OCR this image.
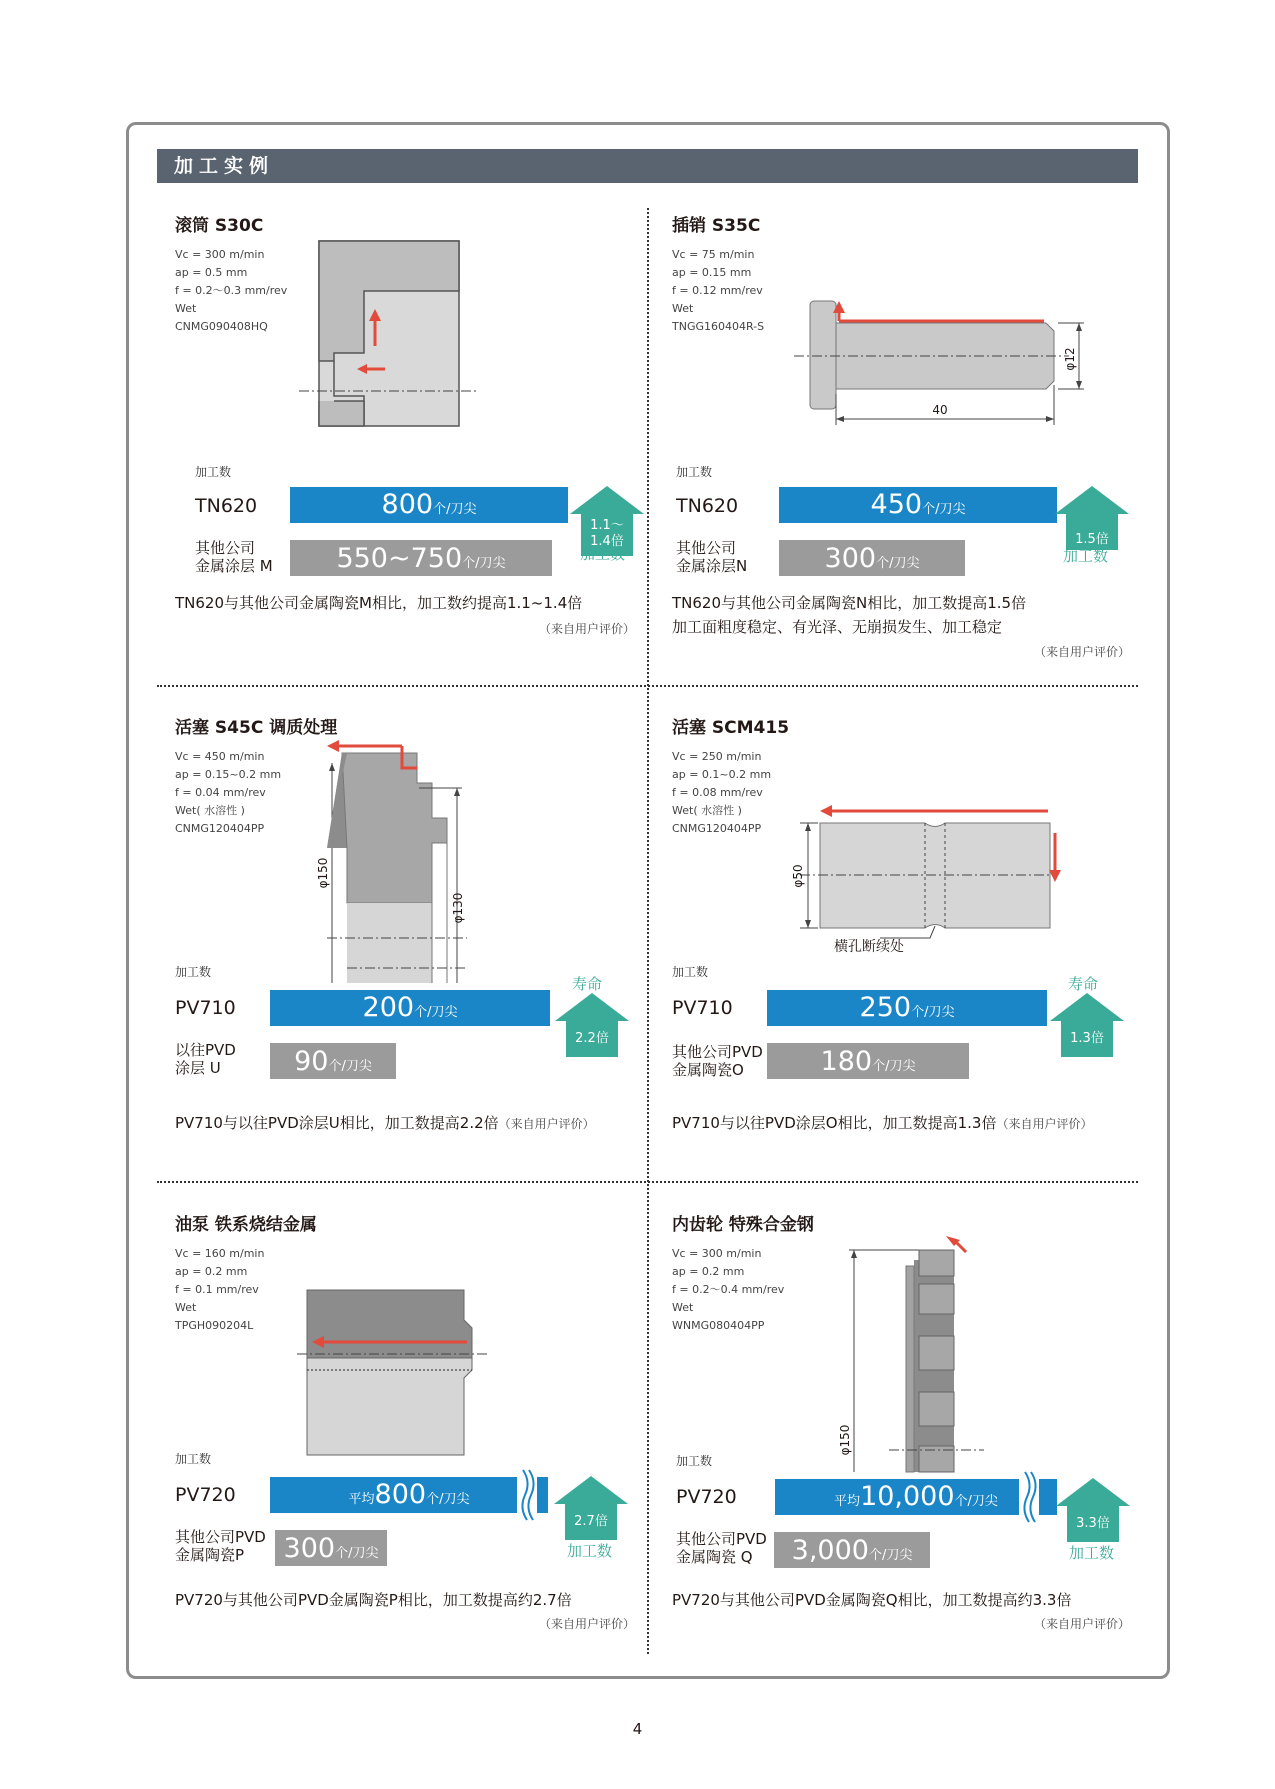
加工实例
滚筒 S30C
Vc = 300 m/min
ap = 0.5 mm
f = 0.2～0.3 mm/rev
Wet
CNMG090408HQ
加工数
TN620	800个/刀尖
其他公司
金属涂层 M	550~750个/刀尖
1.1～
1.4倍
加工数
TN620与其他公司金属陶瓷M相比，加工数约提高1.1~1.4倍
（来自用户评价）
插销 S35C
Vc = 75 m/min
ap = 0.15 mm
f = 0.12 mm/rev
Wet
TNGG160404R-S
40
φ12
加工数
TN620	450个/刀尖
其他公司
金属涂层N	300个/刀尖
1.5倍
加工数
TN620与其他公司金属陶瓷N相比，加工数提高1.5倍
加工面粗度稳定、有光泽、无崩损发生、加工稳定
（来自用户评价）
活塞 S45C 调质处理
Vc = 450 m/min
ap = 0.15~0.2 mm
f = 0.04 mm/rev
Wet( 水溶性 )
CNMG120404PP
φ150
φ130
加工数
PV710	200个/刀尖
以往PVD
涂层 U	90个/刀尖
寿命
2.2倍
PV710与以往PVD涂层U相比，加工数提高2.2倍（来自用户评价）
活塞 SCM415
Vc = 250 m/min
ap = 0.1~0.2 mm
f = 0.08 mm/rev
Wet( 水溶性 )
CNMG120404PP
φ50
横孔断续处
加工数
PV710	250个/刀尖
其他公司PVD
金属陶瓷O	180个/刀尖
寿命
1.3倍
PV710与以往PVD涂层O相比，加工数提高1.3倍（来自用户评价）
油泵 铁系烧结金属
Vc = 160 m/min
ap = 0.2 mm
f = 0.1 mm/rev
Wet
TPGH090204L
加工数
PV720	平均800个/刀尖
其他公司PVD
金属陶瓷P	300个/刀尖
2.7倍
加工数
PV720与其他公司PVD金属陶瓷P相比，加工数提高约2.7倍
（来自用户评价）
内齿轮 特殊合金钢
Vc = 300 m/min
ap = 0.2 mm
f = 0.2～0.4 mm/rev
Wet
WNMG080404PP
φ150
加工数
PV720	平均10,000个/刀尖
其他公司PVD
金属陶瓷 Q	3,000个/刀尖
3.3倍
加工数
PV720与其他公司PVD金属陶瓷Q相比，加工数提高约3.3倍
（来自用户评价）
4
